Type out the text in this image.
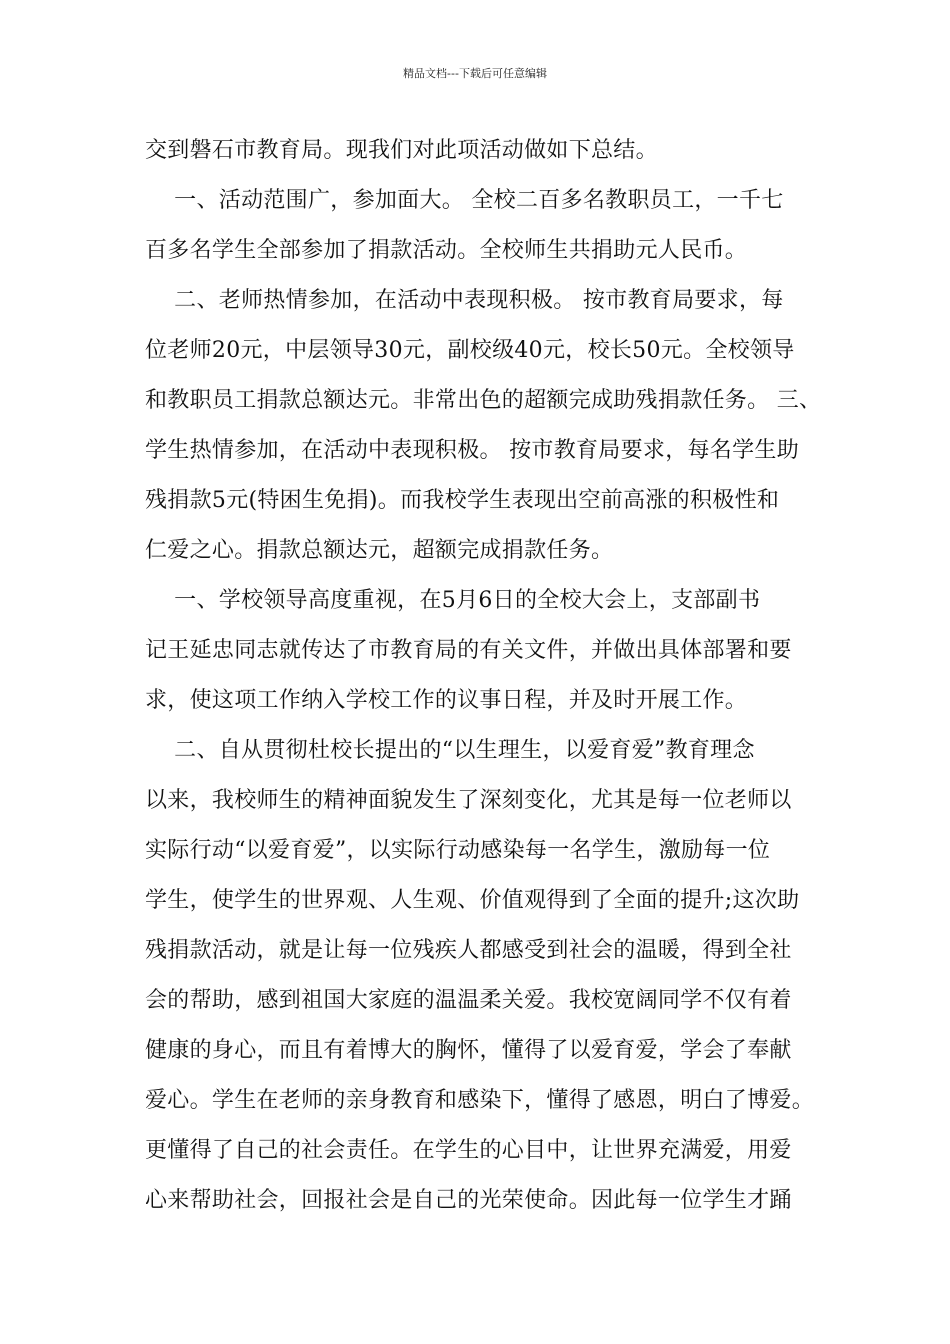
精品文档---下载后可任意编辑
交到磐石市教育局。现我们对此项活动做如下总结。
一、活动范围广，参加面大。 全校二百多名教职员工，一千七
百多名学生全部参加了捐款活动。全校师生共捐助元人民币。
二、老师热情参加，在活动中表现积极。 按市教育局要求，每
位老师20元，中层领导30元，副校级40元，校长50元。全校领导
和教职员工捐款总额达元。非常出色的超额完成助残捐款任务。 三、
学生热情参加，在活动中表现积极。 按市教育局要求，每名学生助
残捐款5元(特困生免捐)。而我校学生表现出空前高涨的积极性和
仁爱之心。捐款总额达元，超额完成捐款任务。
一、学校领导高度重视，在5月6日的全校大会上，支部副书
记王延忠同志就传达了市教育局的有关文件，并做出具体部署和要
求，使这项工作纳入学校工作的议事日程，并及时开展工作。
二、自从贯彻杜校长提出的“以生理生，以爱育爱”教育理念
以来，我校师生的精神面貌发生了深刻变化，尤其是每一位老师以
实际行动“以爱育爱”，以实际行动感染每一名学生，激励每一位
学生，使学生的世界观、人生观、价值观得到了全面的提升;这次助
残捐款活动，就是让每一位残疾人都感受到社会的温暖，得到全社
会的帮助，感到祖国大家庭的温温柔关爱。我校宽阔同学不仅有着
健康的身心，而且有着博大的胸怀，懂得了以爱育爱，学会了奉献
爱心。学生在老师的亲身教育和感染下，懂得了感恩，明白了博爱。
更懂得了自己的社会责任。在学生的心目中，让世界充满爱，用爱
心来帮助社会，回报社会是自己的光荣使命。因此每一位学生才踊
